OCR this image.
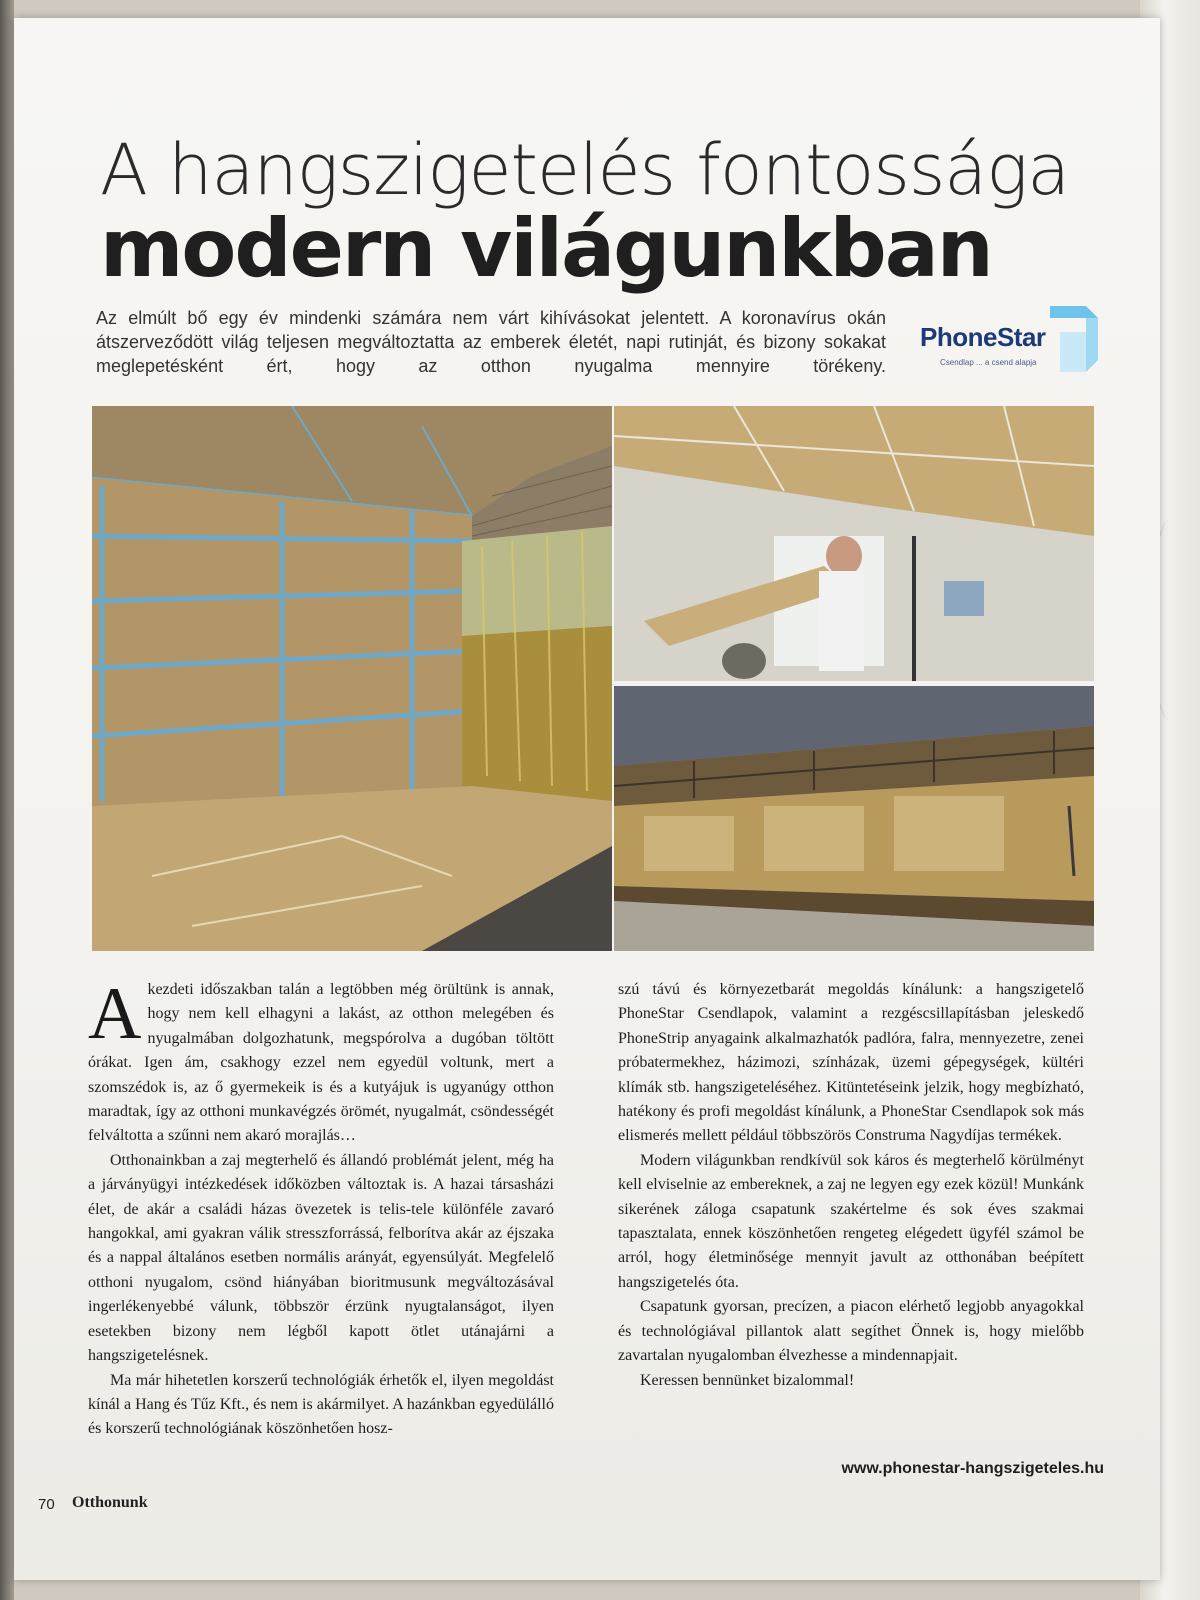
A hangszigetelés fontossága
modern világunkban
Az elmúlt bő egy év mindenki számára nem várt kihívásokat jelentett. A koronavírus okán átszerveződött világ teljesen megváltoztatta az emberek életét, napi rutinját, és bizony sokakat meglepetésként ért, hogy az otthon nyugalma mennyire törékeny.
PhoneStar
Csendlap ... a csend alapja

Akezdeti időszakban talán a legtöbben még örültünk is annak, hogy nem kell elhagyni a lakást, az otthon melegében és nyugalmában dolgozhatunk, megspórolva a dugóban töltött órákat. Igen ám, csakhogy ezzel nem egyedül voltunk, mert a szomszédok is, az ő gyermekeik is és a kutyájuk is ugyanúgy otthon maradtak, így az otthoni munkavégzés örömét, nyugalmát, csöndességét felváltotta a szűnni nem akaró morajlás…

Otthonainkban a zaj megterhelő és állandó problémát jelent, még ha a járványügyi intézkedések időközben változtak is. A hazai társasházi élet, de akár a családi házas övezetek is telis-tele különféle zavaró hangokkal, ami gyakran válik stresszforrássá, felborítva akár az éjszaka és a nappal általános esetben normális arányát, egyensúlyát. Megfelelő otthoni nyugalom, csönd hiányában bioritmusunk megváltozásával ingerlékenyebbé válunk, többször érzünk nyugtalanságot, ilyen esetekben bizony nem légből kapott ötlet utánajárni a hangszigetelésnek.

Ma már hihetetlen korszerű technológiák érhetők el, ilyen megoldást kínál a Hang és Tűz Kft., és nem is akármilyet. A hazánkban egyedülálló és korszerű technológiának köszönhetően hosz-

szú távú és környezetbarát megoldás kínálunk: a hangszigetelő PhoneStar Csendlapok, valamint a rezgéscsillapításban jeleskedő PhoneStrip anyagaink alkalmazhatók padlóra, falra, mennyezetre, zenei próbatermekhez, házimozi, színházak, üzemi gépegységek, kültéri klímák stb. hangszigeteléséhez. Kitüntetéseink jelzik, hogy megbízható, hatékony és profi megoldást kínálunk, a PhoneStar Csendlapok sok más elismerés mellett például többszörös Construma Nagydíjas termékek.

Modern világunkban rendkívül sok káros és megterhelő körülményt kell elviselnie az embereknek, a zaj ne legyen egy ezek közül! Munkánk sikerének záloga csapatunk szakértelme és sok éves szakmai tapasztalata, ennek köszönhetően rengeteg elégedett ügyfél számol be arról, hogy életminősége mennyit javult az otthonában beépített hangszigetelés óta.

Csapatunk gyorsan, precízen, a piacon elérhető legjobb anyagokkal és technológiával pillantok alatt segíthet Önnek is, hogy mielőbb zavartalan nyugalomban élvezhesse a mindennapjait.

Keressen bennünket bizalommal!

www.phonestar-hangszigeteles.hu
70 Otthonunk
